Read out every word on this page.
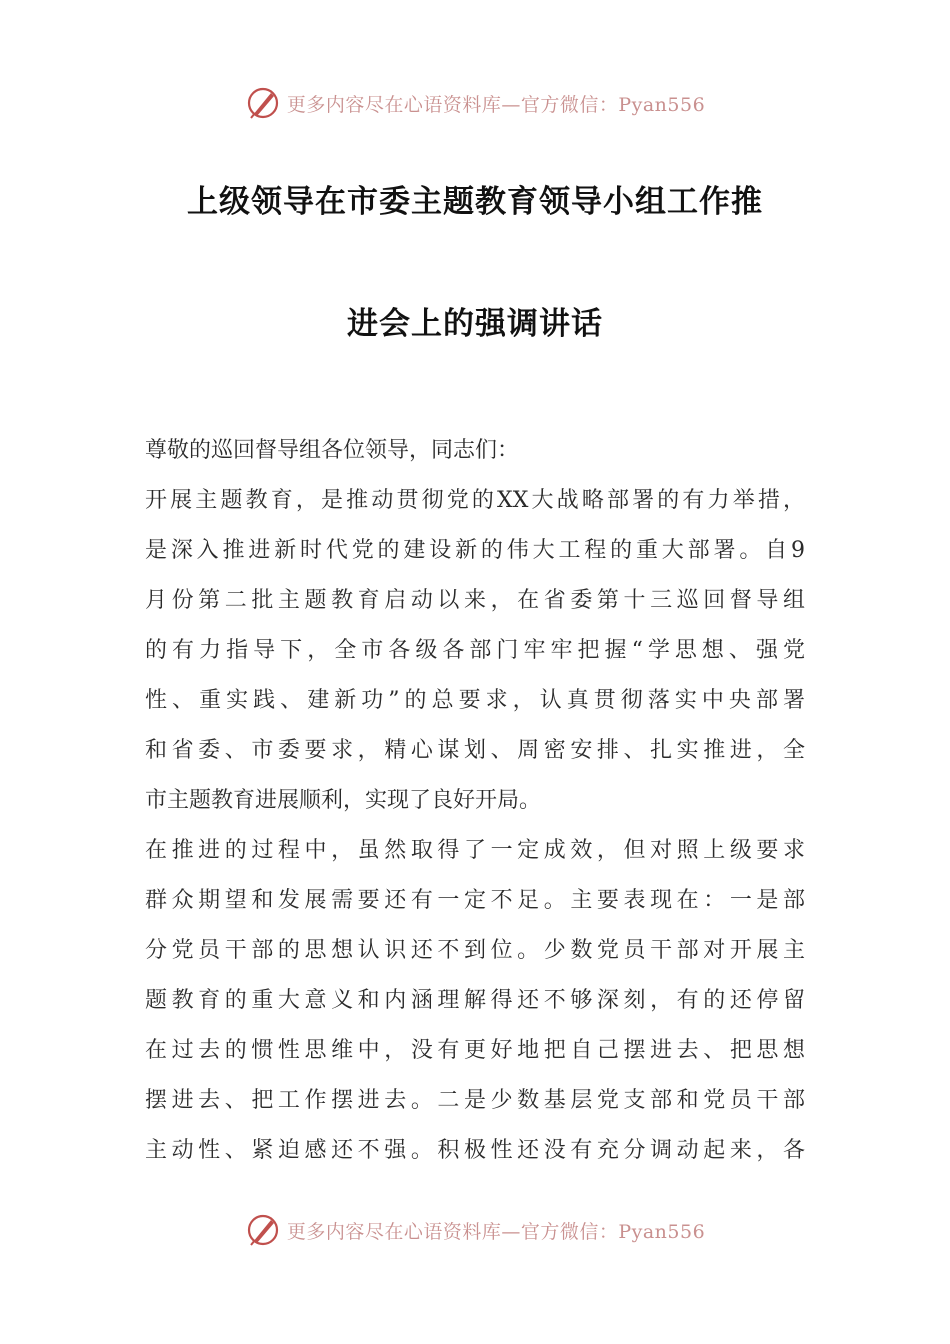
更多内容尽在心语资料库—官方微信：Pyan556
上级领导在市委主题教育领导小组工作推
进会上的强调讲话
尊敬的巡回督导组各位领导，同志们：
开展主题教育，是推动贯彻党的XX大战略部署的有力举措，
是深入推进新时代党的建设新的伟大工程的重大部署。自9
月份第二批主题教育启动以来，在省委第十三巡回督导组
的有力指导下，全市各级各部门牢牢把握“学思想、强党
性、重实践、建新功”的总要求，认真贯彻落实中央部署
和省委、市委要求，精心谋划、周密安排、扎实推进，全
市主题教育进展顺利，实现了良好开局。
在推进的过程中，虽然取得了一定成效，但对照上级要求
群众期望和发展需要还有一定不足。主要表现在：一是部
分党员干部的思想认识还不到位。少数党员干部对开展主
题教育的重大意义和内涵理解得还不够深刻，有的还停留
在过去的惯性思维中，没有更好地把自己摆进去、把思想
摆进去、把工作摆进去。二是少数基层党支部和党员干部
主动性、紧迫感还不强。积极性还没有充分调动起来，各
更多内容尽在心语资料库—官方微信：Pyan556
